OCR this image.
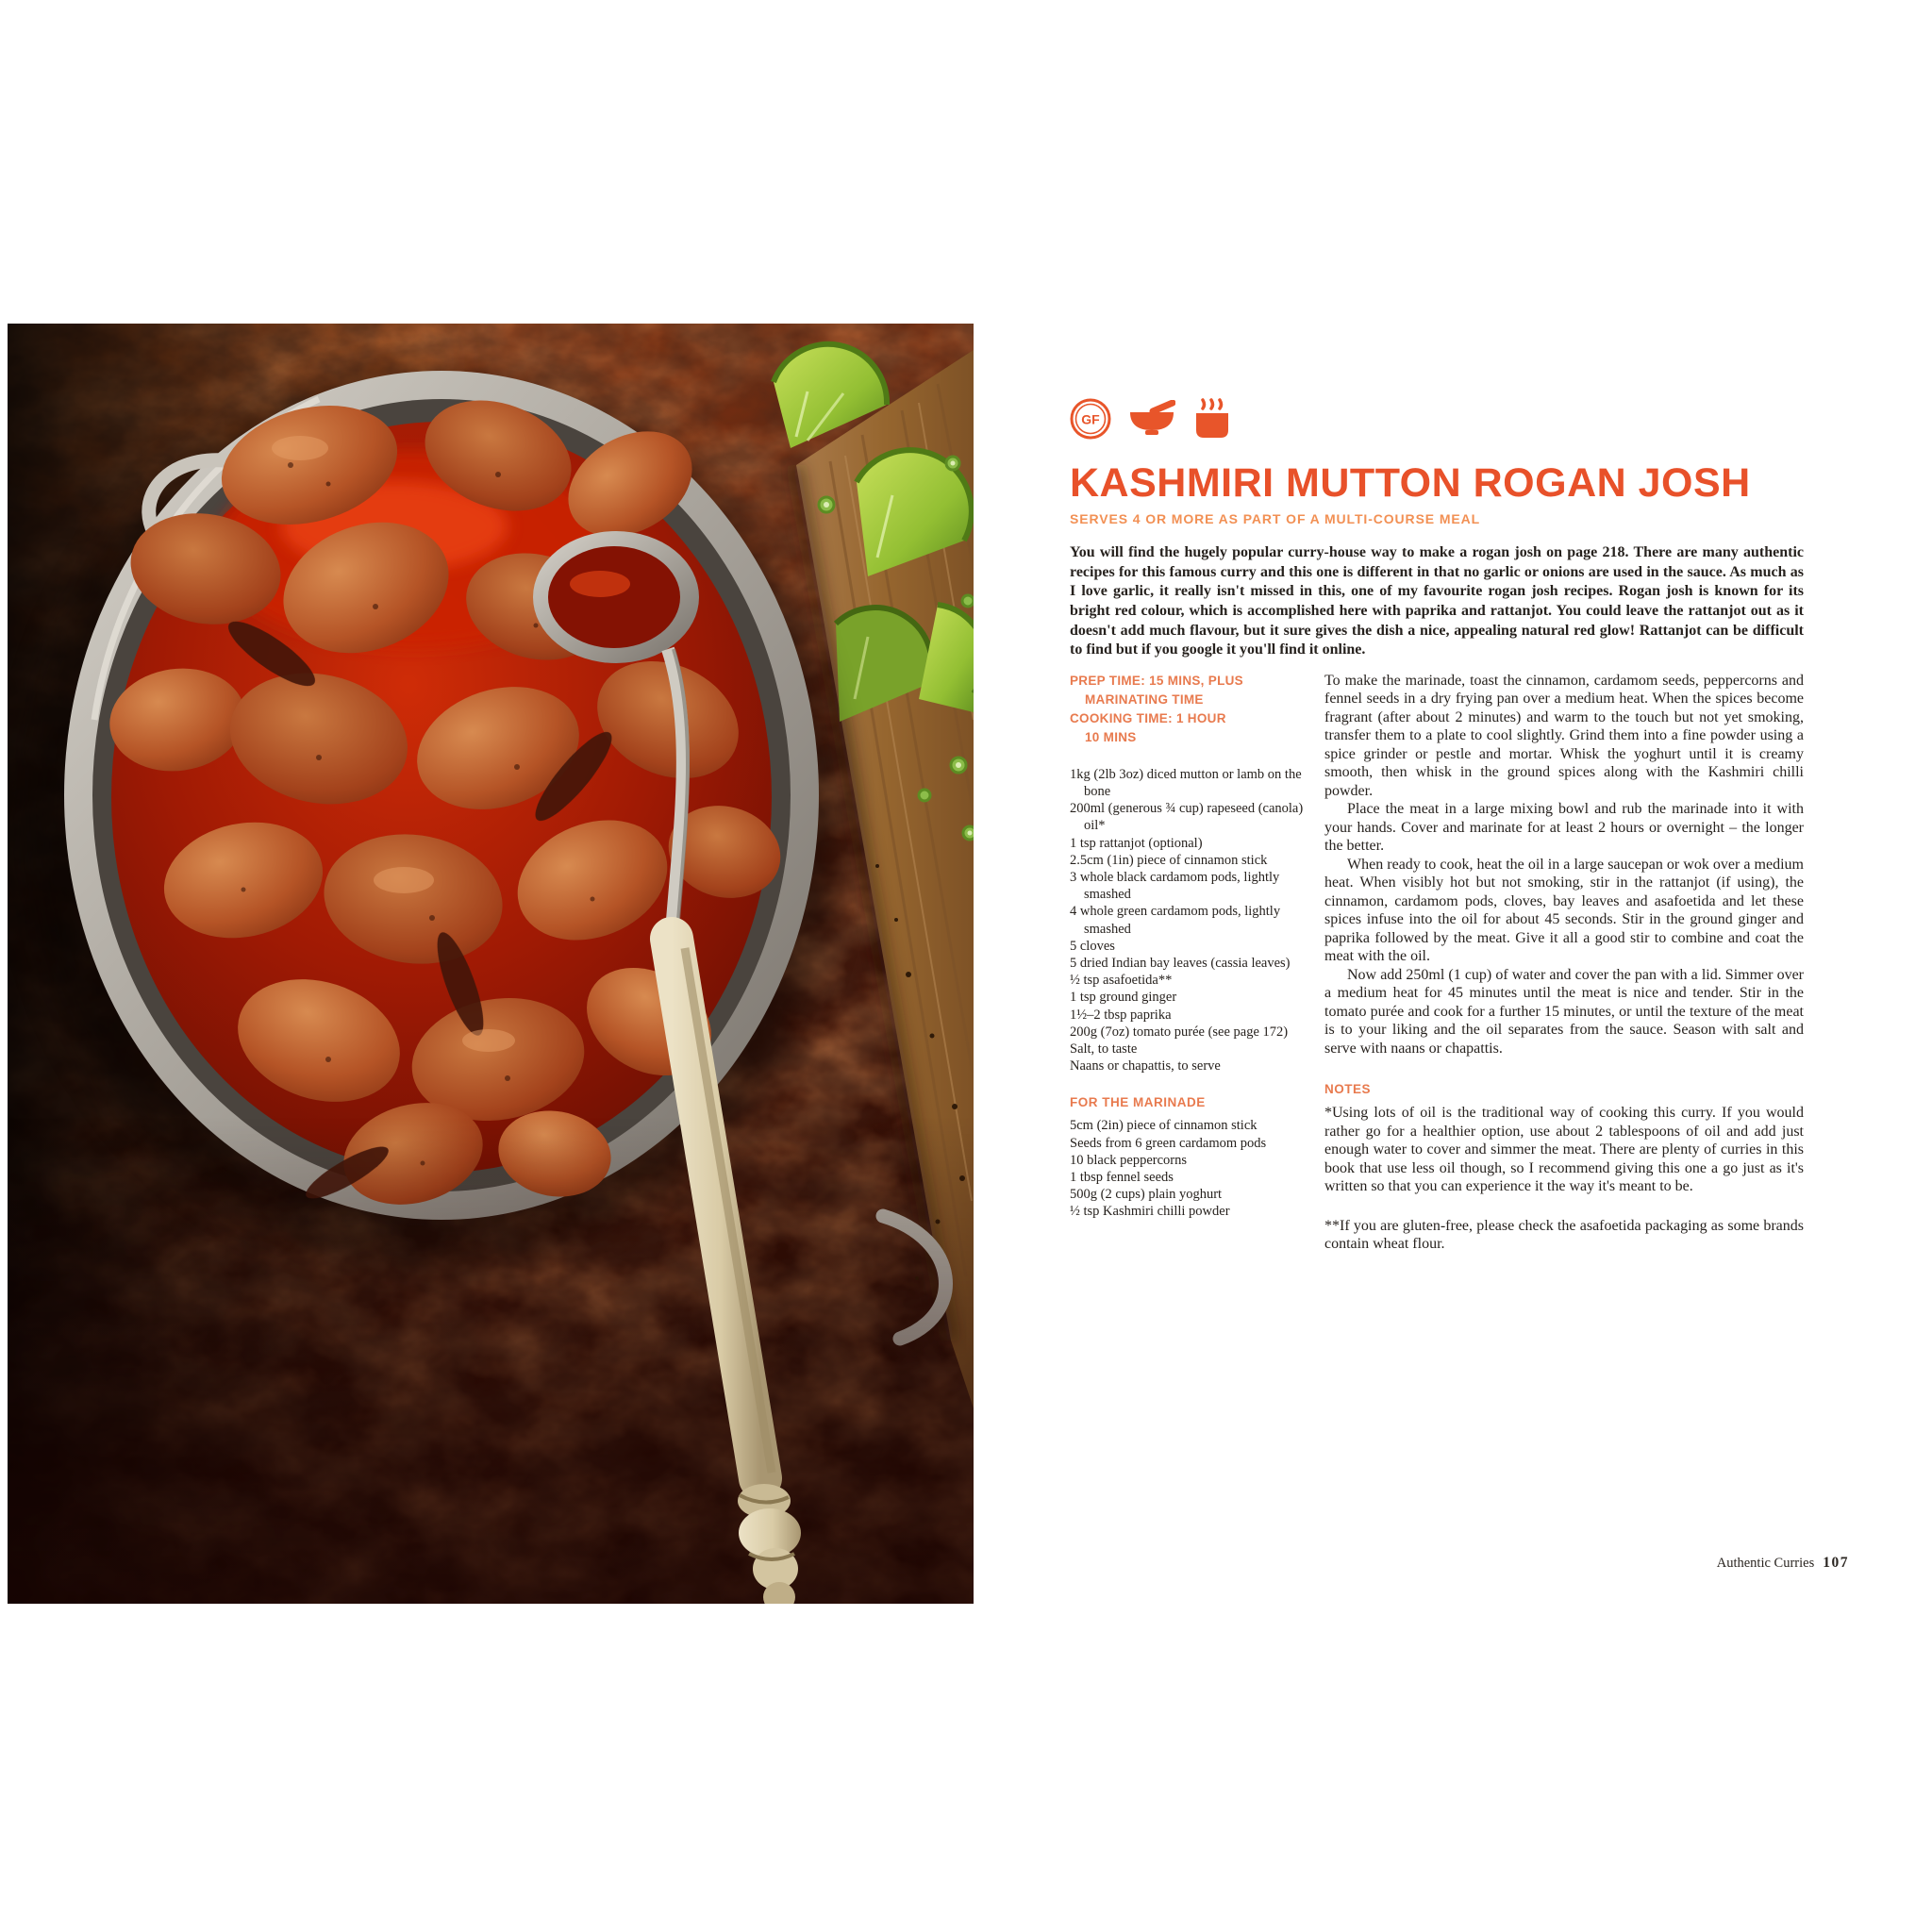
GF
KASHMIRI MUTTON ROGAN JOSH
SERVES 4 OR MORE AS PART OF A MULTI-COURSE MEAL

You will find the hugely popular curry-house way to make a rogan josh on page 218. There are many authentic recipes for this famous curry and this one is different in that no garlic or onions are used in the sauce. As much as I love garlic, it really isn't missed in this, one of my favourite rogan josh recipes. Rogan josh is known for its bright red colour, which is accomplished here with paprika and rattanjot. You could leave the rattanjot out as it doesn't add much flavour, but it sure gives the dish a nice, appealing natural red glow! Rattanjot can be difficult to find but if you google it you'll find it online.

PREP TIME: 15 MINS, PLUS
MARINATING TIME
COOKING TIME: 1 HOUR
10 MINS
1kg (2lb 3oz) diced mutton or lamb on the bone
200ml (generous ¾ cup) rapeseed (canola) oil*
1 tsp rattanjot (optional)
2.5cm (1in) piece of cinnamon stick
3 whole black cardamom pods, lightly smashed
4 whole green cardamom pods, lightly smashed
5 cloves
5 dried Indian bay leaves (cassia leaves)
½ tsp asafoetida**
1 tsp ground ginger
1½–2 tbsp paprika
200g (7oz) tomato purée (see page 172)
Salt, to taste
Naans or chapattis, to serve
FOR THE MARINADE
5cm (2in) piece of cinnamon stick
Seeds from 6 green cardamom pods
10 black peppercorns
1 tbsp fennel seeds
500g (2 cups) plain yoghurt
½ tsp Kashmiri chilli powder

To make the marinade, toast the cinnamon, cardamom seeds, peppercorns and fennel seeds in a dry frying pan over a medium heat. When the spices become fragrant (after about 2 minutes) and warm to the touch but not yet smoking, transfer them to a plate to cool slightly. Grind them into a fine powder using a spice grinder or pestle and mortar. Whisk the yoghurt until it is creamy smooth, then whisk in the ground spices along with the Kashmiri chilli powder.

Place the meat in a large mixing bowl and rub the marinade into it with your hands. Cover and marinate for at least 2 hours or overnight – the longer the better.

When ready to cook, heat the oil in a large saucepan or wok over a medium heat. When visibly hot but not smoking, stir in the rattanjot (if using), the cinnamon, cardamom pods, cloves, bay leaves and asafoetida and let these spices infuse into the oil for about 45 seconds. Stir in the ground ginger and paprika followed by the meat. Give it all a good stir to combine and coat the meat with the oil.

Now add 250ml (1 cup) of water and cover the pan with a lid. Simmer over a medium heat for 45 minutes until the meat is nice and tender. Stir in the tomato purée and cook for a further 15 minutes, or until the texture of the meat is to your liking and the oil separates from the sauce. Season with salt and serve with naans or chapattis.

NOTES

*Using lots of oil is the traditional way of cooking this curry. If you would rather go for a healthier option, use about 2 tablespoons of oil and add just enough water to cover and simmer the meat. There are plenty of curries in this book that use less oil though, so I recommend giving this one a go just as it's written so that you can experience it the way it's meant to be.

**If you are gluten-free, please check the asafoetida packaging as some brands contain wheat flour.

Authentic Curries 107
